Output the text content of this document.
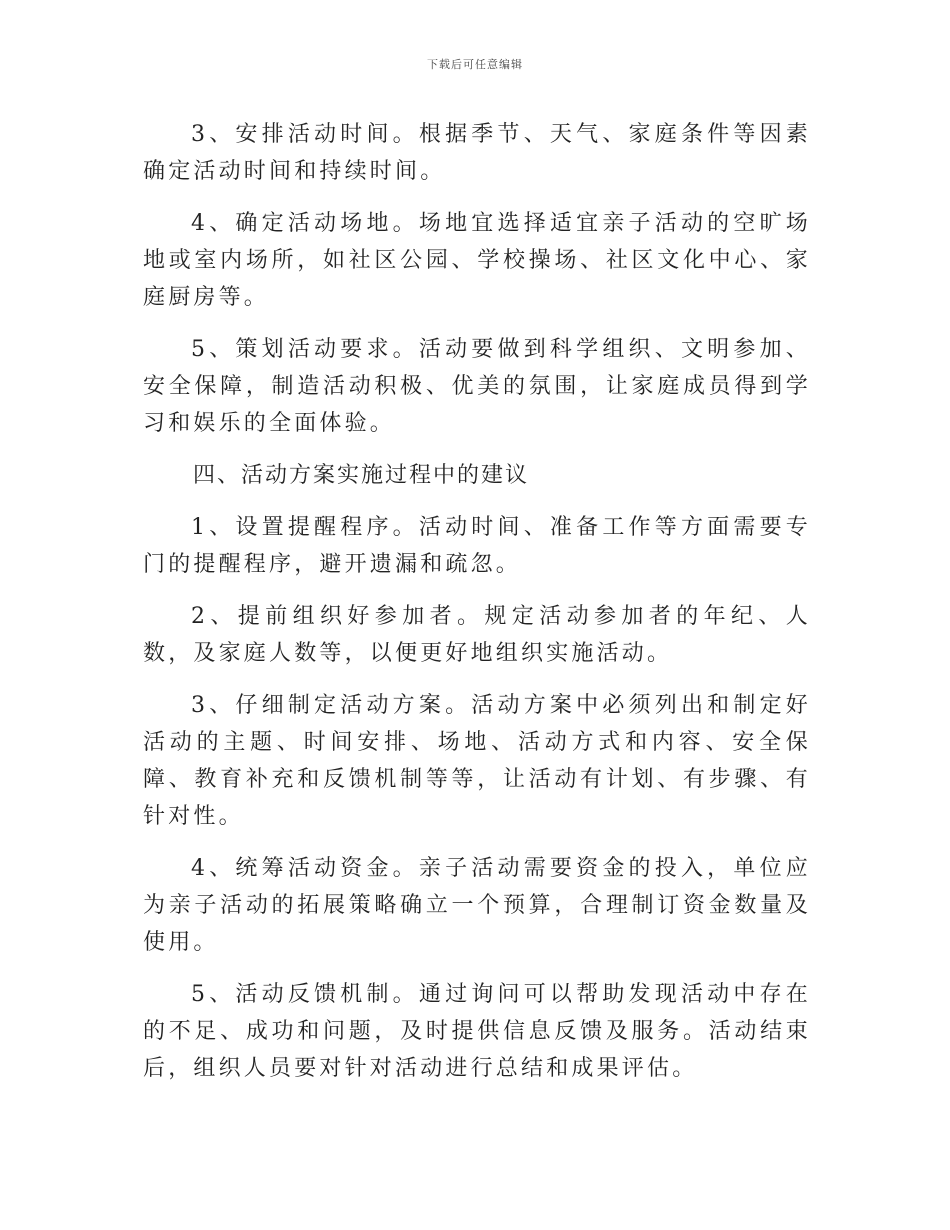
下载后可任意编辑

3、安排活动时间。根据季节、天气、家庭条件等因素确定活动时间和持续时间。

4、确定活动场地。场地宜选择适宜亲子活动的空旷场地或室内场所，如社区公园、学校操场、社区文化中心、家庭厨房等。

5、策划活动要求。活动要做到科学组织、文明参加、安全保障，制造活动积极、优美的氛围，让家庭成员得到学习和娱乐的全面体验。

四、活动方案实施过程中的建议

1、设置提醒程序。活动时间、准备工作等方面需要专门的提醒程序，避开遗漏和疏忽。

2、提前组织好参加者。规定活动参加者的年纪、人数，及家庭人数等，以便更好地组织实施活动。

3、仔细制定活动方案。活动方案中必须列出和制定好活动的主题、时间安排、场地、活动方式和内容、安全保障、教育补充和反馈机制等等，让活动有计划、有步骤、有针对性。

4、统筹活动资金。亲子活动需要资金的投入，单位应为亲子活动的拓展策略确立一个预算，合理制订资金数量及使用。

5、活动反馈机制。通过询问可以帮助发现活动中存在的不足、成功和问题，及时提供信息反馈及服务。活动结束后，组织人员要对针对活动进行总结和成果评估。
